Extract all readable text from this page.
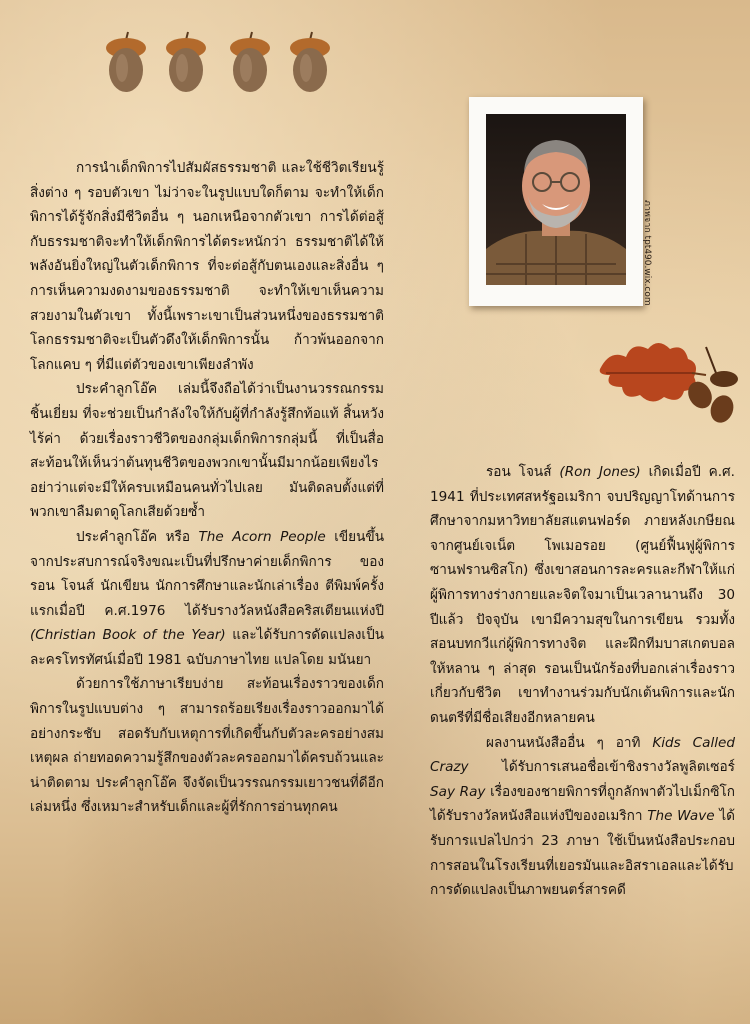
การนำเด็กพิการไปสัมผัสธรรมชาติ และใช้ชีวิตเรียนรู้สิ่งต่าง ๆ รอบตัวเขา ไม่ว่าจะในรูปแบบใดก็ตาม จะทำให้เด็กพิการได้รู้จักสิ่งมีชีวิตอื่น ๆ นอกเหนือจากตัวเขา การได้ต่อสู้กับธรรมชาติจะทำให้เด็กพิการได้ตระหนักว่า ธรรมชาติได้ให้พลังอันยิ่งใหญ่ในตัวเด็กพิการ ที่จะต่อสู้กับตนเองและสิ่งอื่น ๆ การเห็นความงดงามของธรรมชาติ จะทำให้เขาเห็นความสวยงามในตัวเขา ทั้งนี้เพราะเขาเป็นส่วนหนึ่งของธรรมชาติ โลกธรรมชาติจะเป็นตัวดึงให้เด็กพิการนั้น ก้าวพ้นออกจากโลกแคบ ๆ ที่มีแต่ตัวของเขาเพียงลำพัง

ประคำลูกโอ๊ค เล่มนี้จึงถือได้ว่าเป็นงานวรรณกรรมชิ้นเยี่ยม ที่จะช่วยเป็นกำลังใจให้กับผู้ที่กำลังรู้สึกท้อแท้ สิ้นหวัง ไร้ค่า ด้วยเรื่องราวชีวิตของกลุ่มเด็กพิการกลุ่มนี้ ที่เป็นสื่อสะท้อนให้เห็นว่าต้นทุนชีวิตของพวกเขานั้นมีมากน้อยเพียงไร อย่าว่าแต่จะมีให้ครบเหมือนคนทั่วไปเลย มันติดลบตั้งแต่ที่พวกเขาลืมตาดูโลกเสียด้วยซ้ำ

ประคำลูกโอ๊ค หรือ The Acorn People เขียนขึ้นจากประสบการณ์จริงขณะเป็นที่ปรึกษาค่ายเด็กพิการ ของ รอน โจนส์ นักเขียน นักการศึกษาและนักเล่าเรื่อง ตีพิมพ์ครั้งแรกเมื่อปี ค.ศ.1976 ได้รับรางวัลหนังสือคริสเตียนแห่งปี (Christian Book of the Year) และได้รับการดัดแปลงเป็นละครโทรทัศน์เมื่อปี 1981 ฉบับภาษาไทย แปลโดย มนันยา

ด้วยการใช้ภาษาเรียบง่าย สะท้อนเรื่องราวของเด็กพิการในรูปแบบต่าง ๆ สามารถร้อยเรียงเรื่องราวออกมาได้อย่างกระชับ สอดรับกับเหตุการที่เกิดขึ้นกับตัวละครอย่างสมเหตุผล ถ่ายทอดความรู้สึกของตัวละครออกมาได้ครบถ้วนและน่าติดตาม ประคำลูกโอ๊ค จึงจัดเป็นวรรณกรรมเยาวชนที่ดีอีกเล่มหนึ่ง ซึ่งเหมาะสำหรับเด็กและผู้ที่รักการอ่านทุกคน

ภาพจาก tpt490.wix.com

รอน โจนส์ (Ron Jones) เกิดเมื่อปี ค.ศ. 1941 ที่ประเทศสหรัฐอเมริกา จบปริญญาโทด้านการศึกษาจากมหาวิทยาลัยสแตนฟอร์ด ภายหลังเกษียณจากศูนย์เจเน็ต โพเมอรอย (ศูนย์ฟื้นฟูผู้พิการซานฟรานซิสโก) ซึ่งเขาสอนการละครและกีฬาให้แก่ผู้พิการทางร่างกายและจิตใจมาเป็นเวลานานถึง 30 ปีแล้ว ปัจจุบัน เขามีความสุขในการเขียน รวมทั้งสอนบทกวีแก่ผู้พิการทางจิต และฝึกทีมบาสเกตบอลให้หลาน ๆ ล่าสุด รอนเป็นนักร้องที่บอกเล่าเรื่องราวเกี่ยวกับชีวิต เขาทำงานร่วมกับนักเต้นพิการและนักดนตรีที่มีชื่อเสียงอีกหลายคน

ผลงานหนังสืออื่น ๆ อาทิ Kids Called Crazy ได้รับการเสนอชื่อเข้าชิงรางวัลพูลิตเซอร์ Say Ray เรื่องของชายพิการที่ถูกลักพาตัวไปเม็กซิโก ได้รับรางวัลหนังสือแห่งปีของอเมริกา The Wave ได้รับการแปลไปกว่า 23 ภาษา ใช้เป็นหนังสือประกอบการสอนในโรงเรียนที่เยอรมันและอิสราเอลและได้รับการดัดแปลงเป็นภาพยนตร์สารคดี
